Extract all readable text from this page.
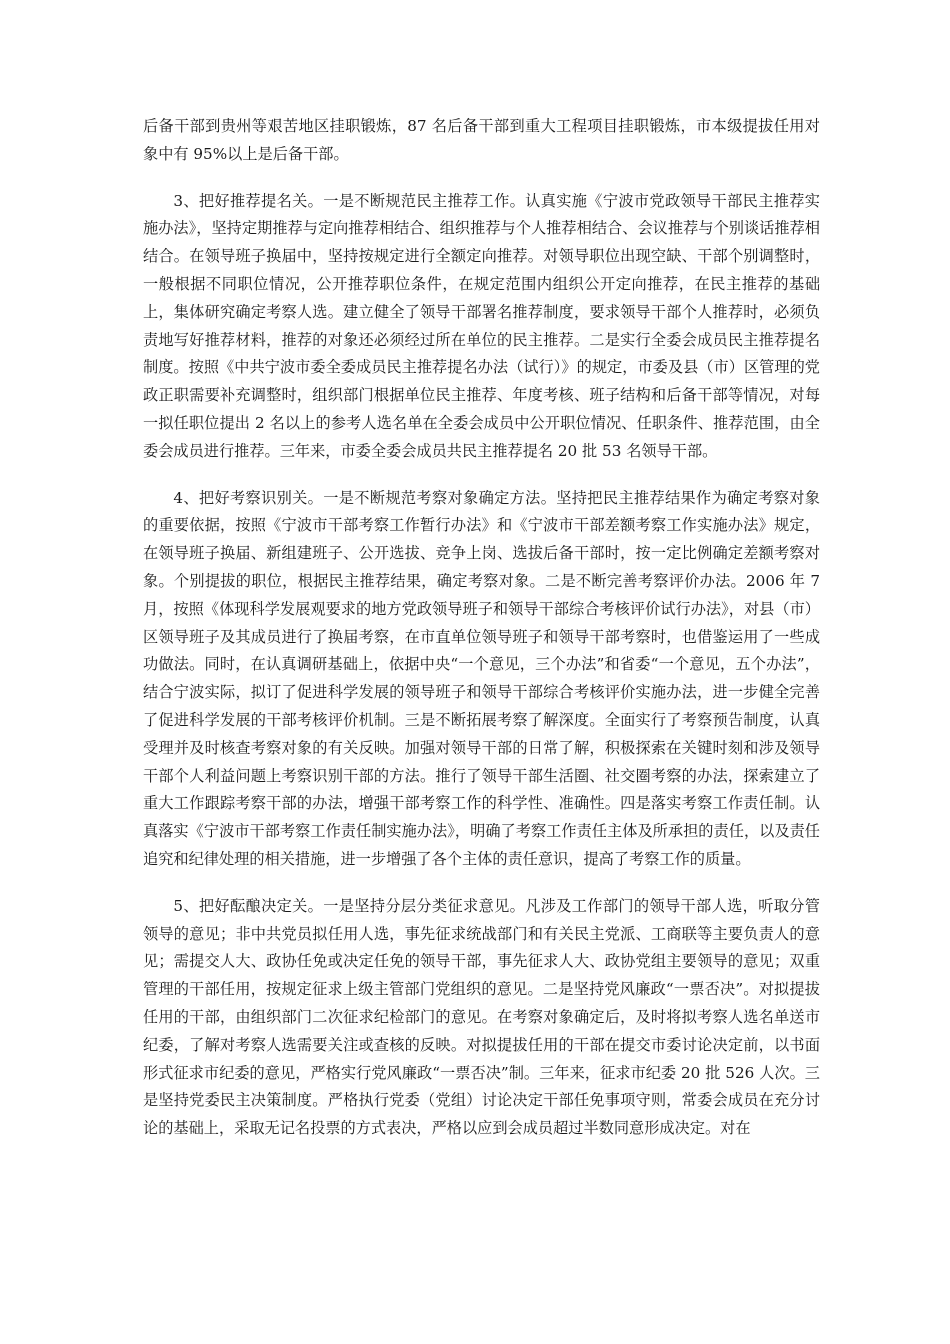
后备干部到贵州等艰苦地区挂职锻炼，87 名后备干部到重大工程项目挂职锻炼，市本级提拔任用对象中有 95%以上是后备干部。

3、把好推荐提名关。一是不断规范民主推荐工作。认真实施《宁波市党政领导干部民主推荐实施办法》，坚持定期推荐与定向推荐相结合、组织推荐与个人推荐相结合、会议推荐与个别谈话推荐相结合。在领导班子换届中，坚持按规定进行全额定向推荐。对领导职位出现空缺、干部个别调整时，一般根据不同职位情况，公开推荐职位条件，在规定范围内组织公开定向推荐，在民主推荐的基础上，集体研究确定考察人选。建立健全了领导干部署名推荐制度，要求领导干部个人推荐时，必须负责地写好推荐材料，推荐的对象还必须经过所在单位的民主推荐。二是实行全委会成员民主推荐提名制度。按照《中共宁波市委全委成员民主推荐提名办法（试行）》的规定，市委及县（市）区管理的党政正职需要补充调整时，组织部门根据单位民主推荐、年度考核、班子结构和后备干部等情况，对每一拟任职位提出 2 名以上的参考人选名单在全委会成员中公开职位情况、任职条件、推荐范围，由全委会成员进行推荐。三年来，市委全委会成员共民主推荐提名 20 批 53 名领导干部。

4、把好考察识别关。一是不断规范考察对象确定方法。坚持把民主推荐结果作为确定考察对象的重要依据，按照《宁波市干部考察工作暂行办法》和《宁波市干部差额考察工作实施办法》规定，在领导班子换届、新组建班子、公开选拔、竞争上岗、选拔后备干部时，按一定比例确定差额考察对象。个别提拔的职位，根据民主推荐结果，确定考察对象。二是不断完善考察评价办法。2006 年 7 月，按照《体现科学发展观要求的地方党政领导班子和领导干部综合考核评价试行办法》，对县（市）区领导班子及其成员进行了换届考察，在市直单位领导班子和领导干部考察时，也借鉴运用了一些成功做法。同时，在认真调研基础上，依据中央“一个意见，三个办法”和省委“一个意见，五个办法”，结合宁波实际，拟订了促进科学发展的领导班子和领导干部综合考核评价实施办法，进一步健全完善了促进科学发展的干部考核评价机制。三是不断拓展考察了解深度。全面实行了考察预告制度，认真受理并及时核查考察对象的有关反映。加强对领导干部的日常了解，积极探索在关键时刻和涉及领导干部个人利益问题上考察识别干部的方法。推行了领导干部生活圈、社交圈考察的办法，探索建立了重大工作跟踪考察干部的办法，增强干部考察工作的科学性、准确性。四是落实考察工作责任制。认真落实《宁波市干部考察工作责任制实施办法》，明确了考察工作责任主体及所承担的责任，以及责任追究和纪律处理的相关措施，进一步增强了各个主体的责任意识，提高了考察工作的质量。

5、把好酝酿决定关。一是坚持分层分类征求意见。凡涉及工作部门的领导干部人选，听取分管领导的意见；非中共党员拟任用人选，事先征求统战部门和有关民主党派、工商联等主要负责人的意见；需提交人大、政协任免或决定任免的领导干部，事先征求人大、政协党组主要领导的意见；双重管理的干部任用，按规定征求上级主管部门党组织的意见。二是坚持党风廉政“一票否决”。对拟提拔任用的干部，由组织部门二次征求纪检部门的意见。在考察对象确定后，及时将拟考察人选名单送市纪委，了解对考察人选需要关注或查核的反映。对拟提拔任用的干部在提交市委讨论决定前，以书面形式征求市纪委的意见，严格实行党风廉政“一票否决”制。三年来，征求市纪委 20 批 526 人次。三是坚持党委民主决策制度。严格执行党委（党组）讨论决定干部任免事项守则，常委会成员在充分讨论的基础上，采取无记名投票的方式表决，严格以应到会成员超过半数同意形成决定。对在
